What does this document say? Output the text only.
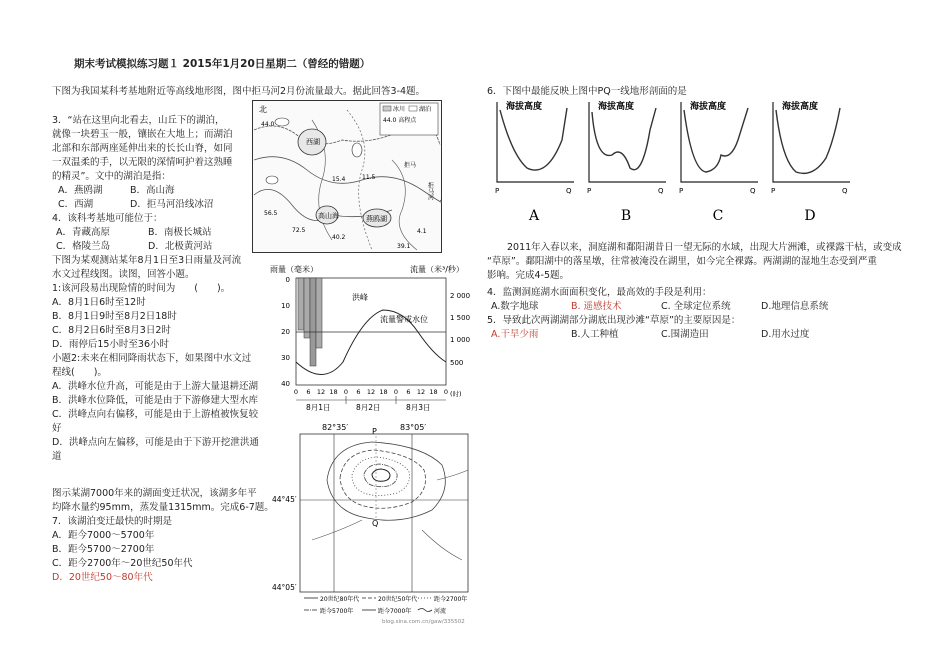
期末考试模拟练习题１ 2015年1月20日星期二（曾经的错题）
下图为我国某科考基地附近等高线地形图，图中拒马河2月份流量最大。据此回答3-4题。
3．“站在这里向北看去，山丘下的湖泊，
就像一块碧玉一般，镶嵌在大地上；而湖泊
北部和东部两座延伸出来的长长山脊，如同
一双温柔的手，以无限的深情呵护着这熟睡
的精灵”。文中的湖泊是指：
A．燕鸥湖	B．高山海
C．西湖	D．拒马河沿线冰沼
4．该科考基地可能位于：
A．青藏高原	B．南极长城站
C．格陵兰岛	D．北极黄河站
下图为某观测站某年8月1日至3日雨量及河流
水文过程线图。读图，回答小题。
1:该河段易出现险情的时间为　　(　　)。
A．8月1日6时至12时
B．8月1日9时至8月2日18时
C．8月2日6时至8月3日2时
D．雨停后15小时至36小时
小题2:未来在相同降雨状态下，如果图中水文过
程线(　　)。
A．洪峰水位升高，可能是由于上游大量退耕还湖
B．洪峰水位降低，可能是由于下游修建大型水库
C．洪峰点向右偏移，可能是由于上游植被恢复较
好
D．洪峰点向左偏移，可能是由于下游开挖泄洪通
道
图示某湖7000年来的湖面变迁状况，该湖多年平
均降水量约95mm，蒸发量1315mm。完成6-7题。
7．该湖泊变迁最快的时期是
A．距今7000～5700年
B．距今5700～2700年
C．距今2700年～20世纪50年代
D．20世纪50～80年代
冰川 湖泊
44.0 高程点
北
西湖
高山海	燕鸥湖
拒马河
拒马
44.0
15.4
56.5
72.5
40.2
39.1
11.5
4.1
雨量（毫米）	流量（米³/秒）
洪峰
流量警戒水位
0
10
20
30
40
2 000
1 500
1 000
500
0 6 12 18 0 6 12 18 0 6 12 18 0 (时)
8月1日	8月2日	8月3日
82°35′	83°05′
P
Q
44°45′
44°05′
20世纪80年代	20世纪50年代	距今2700年
距今5700年	距今7000年	河流
blog.sina.com.cn/gaw/335502
6．下图中最能反映上图中PQ一线地形剖面的是
海拔高度
P	Q
A
海拔高度
P	Q
B
海拔高度
P	Q
C
海拔高度
P	Q
D
2011年入春以来，洞庭湖和鄱阳湖昔日一望无际的水域，出现大片洲滩，或裸露干枯，或变成
“草原”。鄱阳湖中的落星墩，往常被淹没在湖里，如今完全裸露。两湖湖的湿地生态受到严重
影响。完成4-5题。
4．监测洞庭湖水面面积变化，最高效的手段是利用：
A.数字地球	B. 遥感技术	C. 全球定位系统	D.地理信息系统
5．导致此次两湖湖部分湖底出现沙滩“草原”的主要原因是：
A.干旱少雨	B.人工种植	C.围湖造田	D.用水过度
